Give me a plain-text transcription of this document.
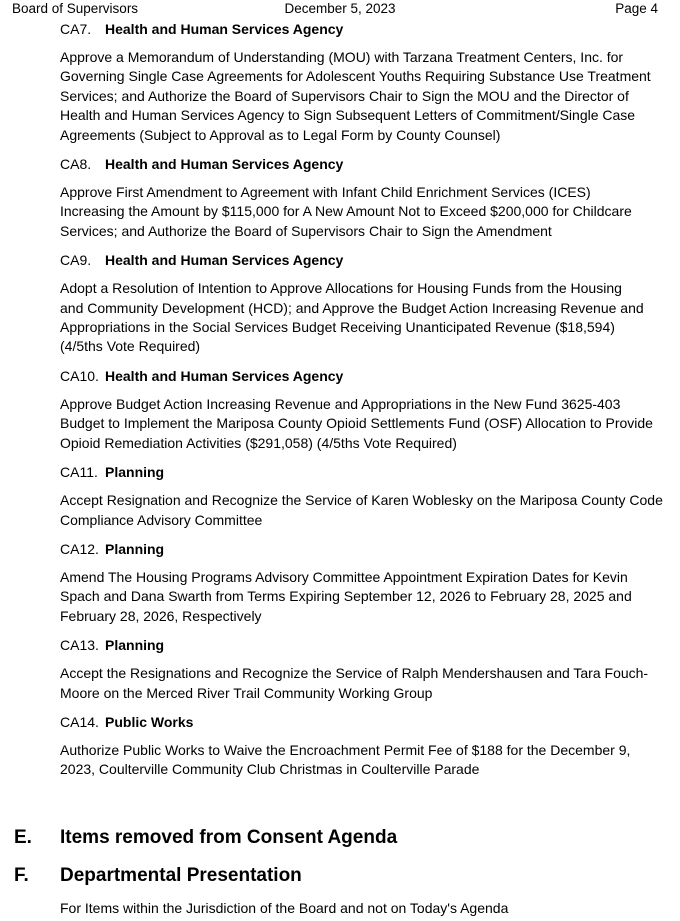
Board of Supervisors	December 5, 2023	Page 4
CA7. Health and Human Services Agency
Approve a Memorandum of Understanding (MOU) with Tarzana Treatment Centers, Inc. for
Governing Single Case Agreements for Adolescent Youths Requiring Substance Use Treatment
Services; and Authorize the Board of Supervisors Chair to Sign the MOU and the Director of
Health and Human Services Agency to Sign Subsequent Letters of Commitment/Single Case
Agreements (Subject to Approval as to Legal Form by County Counsel)
CA8. Health and Human Services Agency
Approve First Amendment to Agreement with Infant Child Enrichment Services (ICES)
Increasing the Amount by $115,000 for A New Amount Not to Exceed $200,000 for Childcare
Services; and Authorize the Board of Supervisors Chair to Sign the Amendment
CA9. Health and Human Services Agency
Adopt a Resolution of Intention to Approve Allocations for Housing Funds from the Housing
and Community Development (HCD); and Approve the Budget Action Increasing Revenue and
Appropriations in the Social Services Budget Receiving Unanticipated Revenue ($18,594)
(4/5ths Vote Required)
CA10. Health and Human Services Agency
Approve Budget Action Increasing Revenue and Appropriations in the New Fund 3625-403
Budget to Implement the Mariposa County Opioid Settlements Fund (OSF) Allocation to Provide
Opioid Remediation Activities ($291,058) (4/5ths Vote Required)
CA11. Planning
Accept Resignation and Recognize the Service of Karen Woblesky on the Mariposa County Code
Compliance Advisory Committee
CA12. Planning
Amend The Housing Programs Advisory Committee Appointment Expiration Dates for Kevin
Spach and Dana Swarth from Terms Expiring September 12, 2026 to February 28, 2025 and
February 28, 2026, Respectively
CA13. Planning
Accept the Resignations and Recognize the Service of Ralph Mendershausen and Tara Fouch-
Moore on the Merced River Trail Community Working Group
CA14. Public Works
Authorize Public Works to Waive the Encroachment Permit Fee of $188 for the December 9,
2023, Coulterville Community Club Christmas in Coulterville Parade
E. Items removed from Consent Agenda
F. Departmental Presentation
For Items within the Jurisdiction of the Board and not on Today's Agenda
